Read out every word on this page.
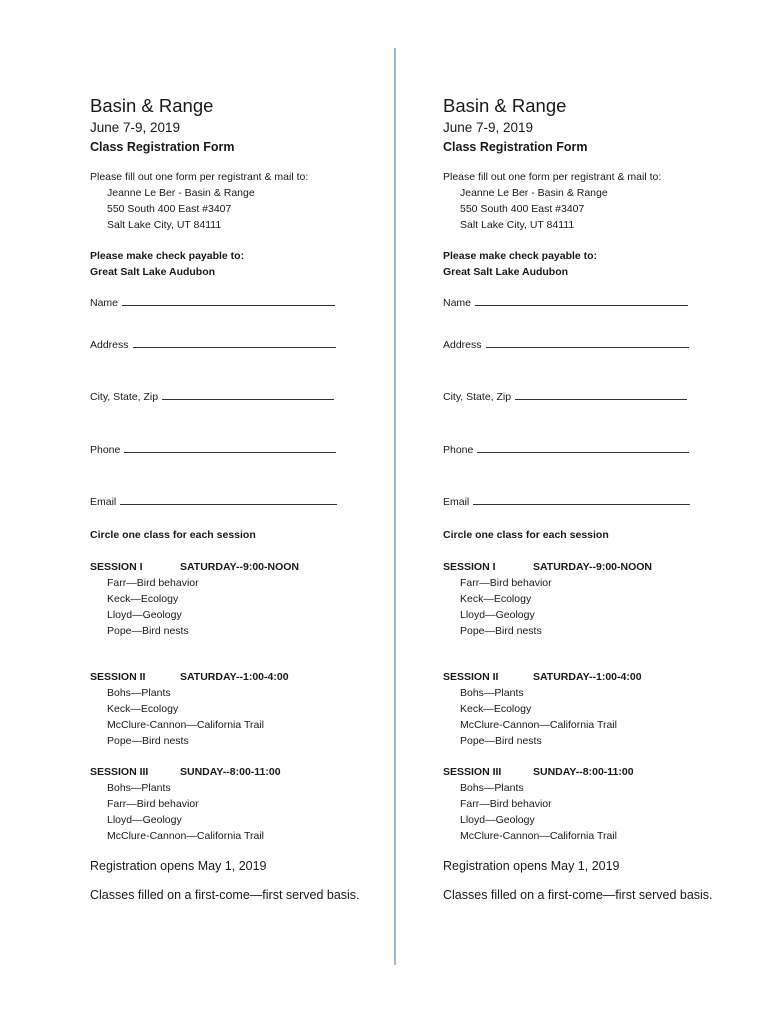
Basin & Range
June 7-9, 2019
Class Registration Form
Please fill out one form per registrant & mail to:
Jeanne Le Ber - Basin & Range
550 South 400 East #3407
Salt Lake City, UT 84111
Please make check payable to:
Great Salt Lake Audubon
Name
Address
City, State, Zip
Phone
Email
Circle one class for each session
SESSION I	SATURDAY--9:00-NOON
Farr—Bird behavior
Keck—Ecology
Lloyd—Geology
Pope—Bird nests
SESSION II	SATURDAY--1:00-4:00
Bohs—Plants
Keck—Ecology
McClure-Cannon—California Trail
Pope—Bird nests
SESSION III	SUNDAY--8:00-11:00
Bohs—Plants
Farr—Bird behavior
Lloyd—Geology
McClure-Cannon—California Trail
Registration opens May 1, 2019
Classes filled on a first-come—first served basis.
Basin & Range
June 7-9, 2019
Class Registration Form
Please fill out one form per registrant & mail to:
Jeanne Le Ber - Basin & Range
550 South 400 East #3407
Salt Lake City, UT 84111
Please make check payable to:
Great Salt Lake Audubon
Name
Address
City, State, Zip
Phone
Email
Circle one class for each session
SESSION I	SATURDAY--9:00-NOON
Farr—Bird behavior
Keck—Ecology
Lloyd—Geology
Pope—Bird nests
SESSION II	SATURDAY--1:00-4:00
Bohs—Plants
Keck—Ecology
McClure-Cannon—California Trail
Pope—Bird nests
SESSION III	SUNDAY--8:00-11:00
Bohs—Plants
Farr—Bird behavior
Lloyd—Geology
McClure-Cannon—California Trail
Registration opens May 1, 2019
Classes filled on a first-come—first served basis.
